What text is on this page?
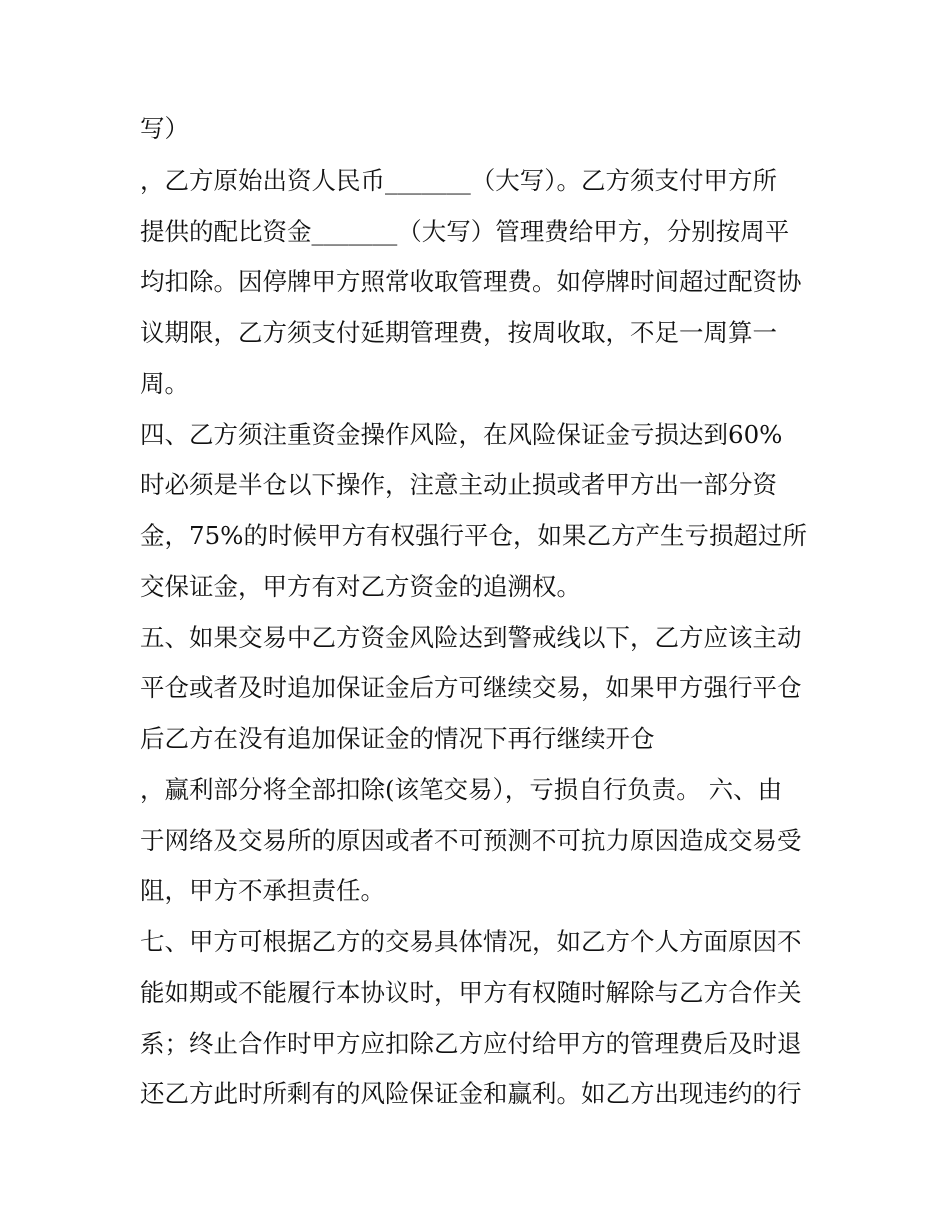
写）
，乙方原始出资人民币_______（大写）。乙方须支付甲方所
提供的配比资金_______（大写）管理费给甲方，分别按周平
均扣除。因停牌甲方照常收取管理费。如停牌时间超过配资协
议期限，乙方须支付延期管理费，按周收取，不足一周算一
周。
四、乙方须注重资金操作风险，在风险保证金亏损达到60%
时必须是半仓以下操作，注意主动止损或者甲方出一部分资
金，75%的时候甲方有权强行平仓，如果乙方产生亏损超过所
交保证金，甲方有对乙方资金的追溯权。
五、如果交易中乙方资金风险达到警戒线以下，乙方应该主动
平仓或者及时追加保证金后方可继续交易，如果甲方强行平仓
后乙方在没有追加保证金的情况下再行继续开仓
，赢利部分将全部扣除(该笔交易），亏损自行负责。 六、由
于网络及交易所的原因或者不可预测不可抗力原因造成交易受
阻，甲方不承担责任。
七、甲方可根据乙方的交易具体情况，如乙方个人方面原因不
能如期或不能履行本协议时，甲方有权随时解除与乙方合作关
系；终止合作时甲方应扣除乙方应付给甲方的管理费后及时退
还乙方此时所剩有的风险保证金和赢利。如乙方出现违约的行
